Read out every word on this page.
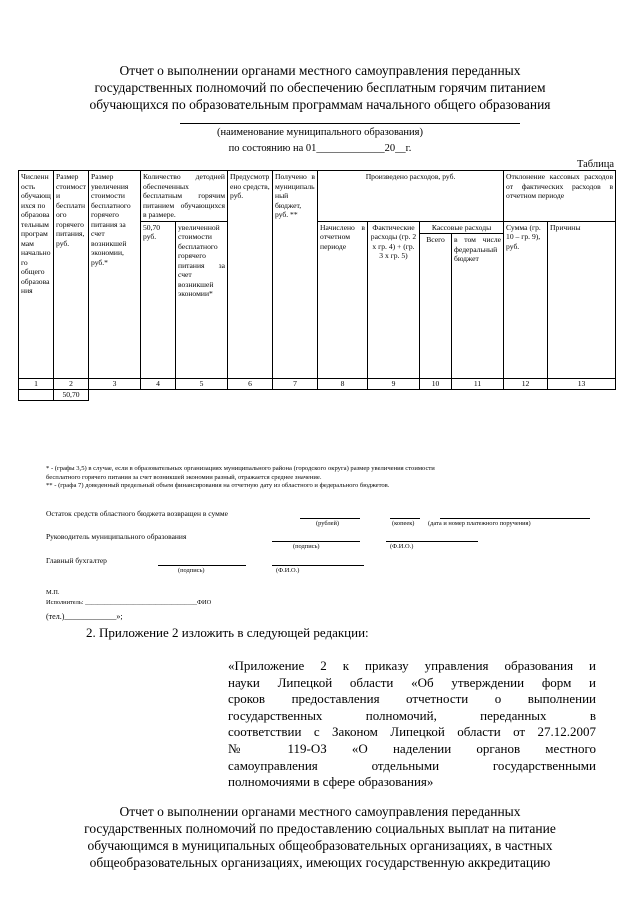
Отчет о выполнении органами местного самоуправления переданных
государственных полномочий по обеспечению бесплатным горячим питанием
обучающихся по образовательным программам начального общего образования
(наименование муниципального образования)
по состоянию на 01_____________20__г.
Таблица
Численность обучающихся по образовательным программам начального общего образования	Размер стоимости бесплатного горячего питания, руб.	Размер увеличения стоимости бесплатного горячего питания за счет возникшей экономии, руб.*	Количество детодней обеспеченных бесплатным горячим питанием обучающихся в размере.		Предусмотрено средств, руб.	Получено в муниципальный бюджет, руб. **	Произведено расходов, руб.				Отклонение кассовых расходов от фактических расходов в отчетном периоде	
			50,70 руб.	увеличенной стоимости бесплатного горячего питания за счет возникшей экономии*			Начислено в отчетном периоде	Фактические расходы (гр. 2 х гр. 4) + (гр. 3 х гр. 5)	Кассовые расходы		Сумма (гр. 10 – гр. 9), руб.	Причины
									Всего	в том числе федеральный бюджет		
1	2	3	4	5	6	7	8	9	10	11	12	13
	50,70											
* - (графы 3,5) в случае, если в образовательных организациях муниципального района (городского округа) размер увеличения стоимости
бесплатного горячего питания за счет возникшей экономии разный, отражается среднее значение.
** - (графа 7) доведенный предельный объем финансирования на отчетную дату из областного и федерального бюджетов.
Остаток средств областного бюджета возвращен в сумме
(рублей)	(копеек) (дата и номер платежного поручения)
Руководитель муниципального образования
(подпись)	(Ф.И.О.)
Главный бухгалтер
(подпись)	(Ф.И.О.)
М.П.
Исполнитель: ___________________________________ФИО
(тел.)_____________»;
2. Приложение 2 изложить в следующей редакции:
«Приложение 2 к приказу управления образования и
науки Липецкой области «Об утверждении форм и
сроков предоставления отчетности о выполнении
государственных полномочий, переданных в
соответствии с Законом Липецкой области от 27.12.2007
№ 119-ОЗ «О наделении органов местного
самоуправления отдельными государственными
полномочиями в сфере образования»
Отчет о выполнении органами местного самоуправления переданных
государственных полномочий по предоставлению социальных выплат на питание
обучающимся в муниципальных общеобразовательных организациях, в частных
общеобразовательных организациях, имеющих государственную аккредитацию
